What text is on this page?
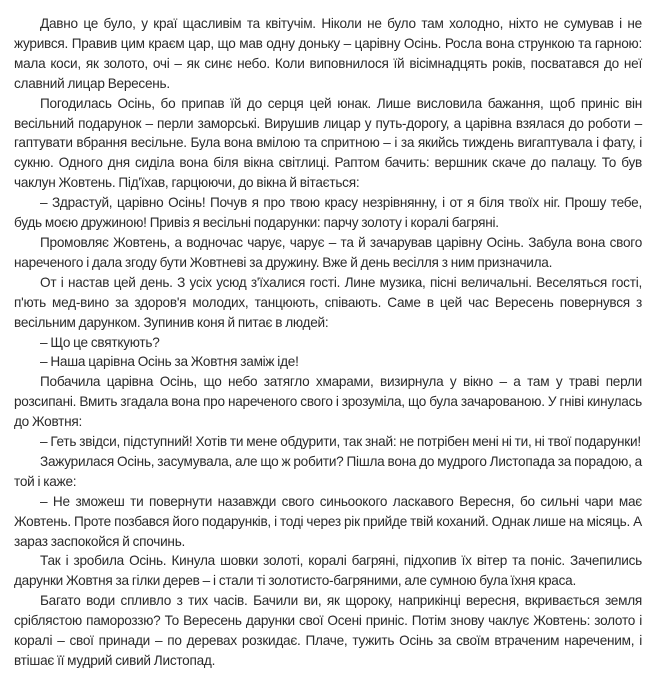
Давно це було, у краї щасливім та квітучім. Ніколи не було там холодно, ніхто не сумував і не журився. Правив цим краєм цар, що мав одну доньку – царівну Осінь. Росла вона стрункою та гарною: мала коси, як золото, очі – як синє небо. Коли виповнилося їй вісімнадцять років, посватався до неї славний лицар Вересень.

Погодилась Осінь, бо припав їй до серця цей юнак. Лише висловила бажання, щоб приніс він весільний подарунок – перли заморські. Вирушив лицар у путь-дорогу, а царівна взялася до роботи – гаптувати вбрання весільне. Була вона вмілою та спритною – і за якийсь тиждень вигаптувала і фату, і сукню. Одного дня сиділа вона біля вікна світлиці. Раптом бачить: вершник скаче до палацу. То був чаклун Жовтень. Під'їхав, гарцюючи, до вікна й вітається:

– Здрастуй, царівно Осінь! Почув я про твою красу незрівнянну, і от я біля твоїх ніг. Прошу тебе, будь моєю дружиною! Привіз я весільні подарунки: парчу золоту і коралі багряні.

Промовляє Жовтень, а водночас чарує, чарує – та й зачарував царівну Осінь. Забула вона свого нареченого і дала згоду бути Жовтневі за дружину. Вже й день весілля з ним призначила.

От і настав цей день. З усіх усюд з'їхалися гості. Лине музика, пісні величальні. Веселяться гості, п'ють мед-вино за здоров'я молодих, танцюють, співають. Саме в цей час Вересень повернувся з весільним дарунком. Зупинив коня й питає в людей:

– Що це святкують?

– Наша царівна Осінь за Жовтня заміж іде!

Побачила царівна Осінь, що небо затягло хмарами, визирнула у вікно – а там у траві перли розсипані. Вмить згадала вона про нареченого свого і зрозуміла, що була зачарованою. У гніві кинулась до Жовтня:

– Геть звідси, підступний! Хотів ти мене обдурити, так знай: не потрібен мені ні ти, ні твої подарунки!

Зажурилася Осінь, засумувала, але що ж робити? Пішла вона до мудрого Листопада за порадою, а той і каже:

– Не зможеш ти повернути назавжди свого синьоокого ласкавого Вересня, бо сильні чари має Жовтень. Проте позбався його подарунків, і тоді через рік прийде твій коханий. Однак лише на місяць. А зараз заспокойся й спочинь.

Так і зробила Осінь. Кинула шовки золоті, коралі багряні, підхопив їх вітер та поніс. Зачепились дарунки Жовтня за гілки дерев – і стали ті золотисто-багряними, але сумною була їхня краса.

Багато води спливло з тих часів. Бачили ви, як щороку, наприкінці вересня, вкривається земля сріблястою памороззю? То Вересень дарунки свої Осені приніс. Потім знову чаклує Жовтень: золото і коралі – свої принади – по деревах розкидає. Плаче, тужить Осінь за своїм втраченим нареченим, і втішає її мудрий сивий Листопад.
